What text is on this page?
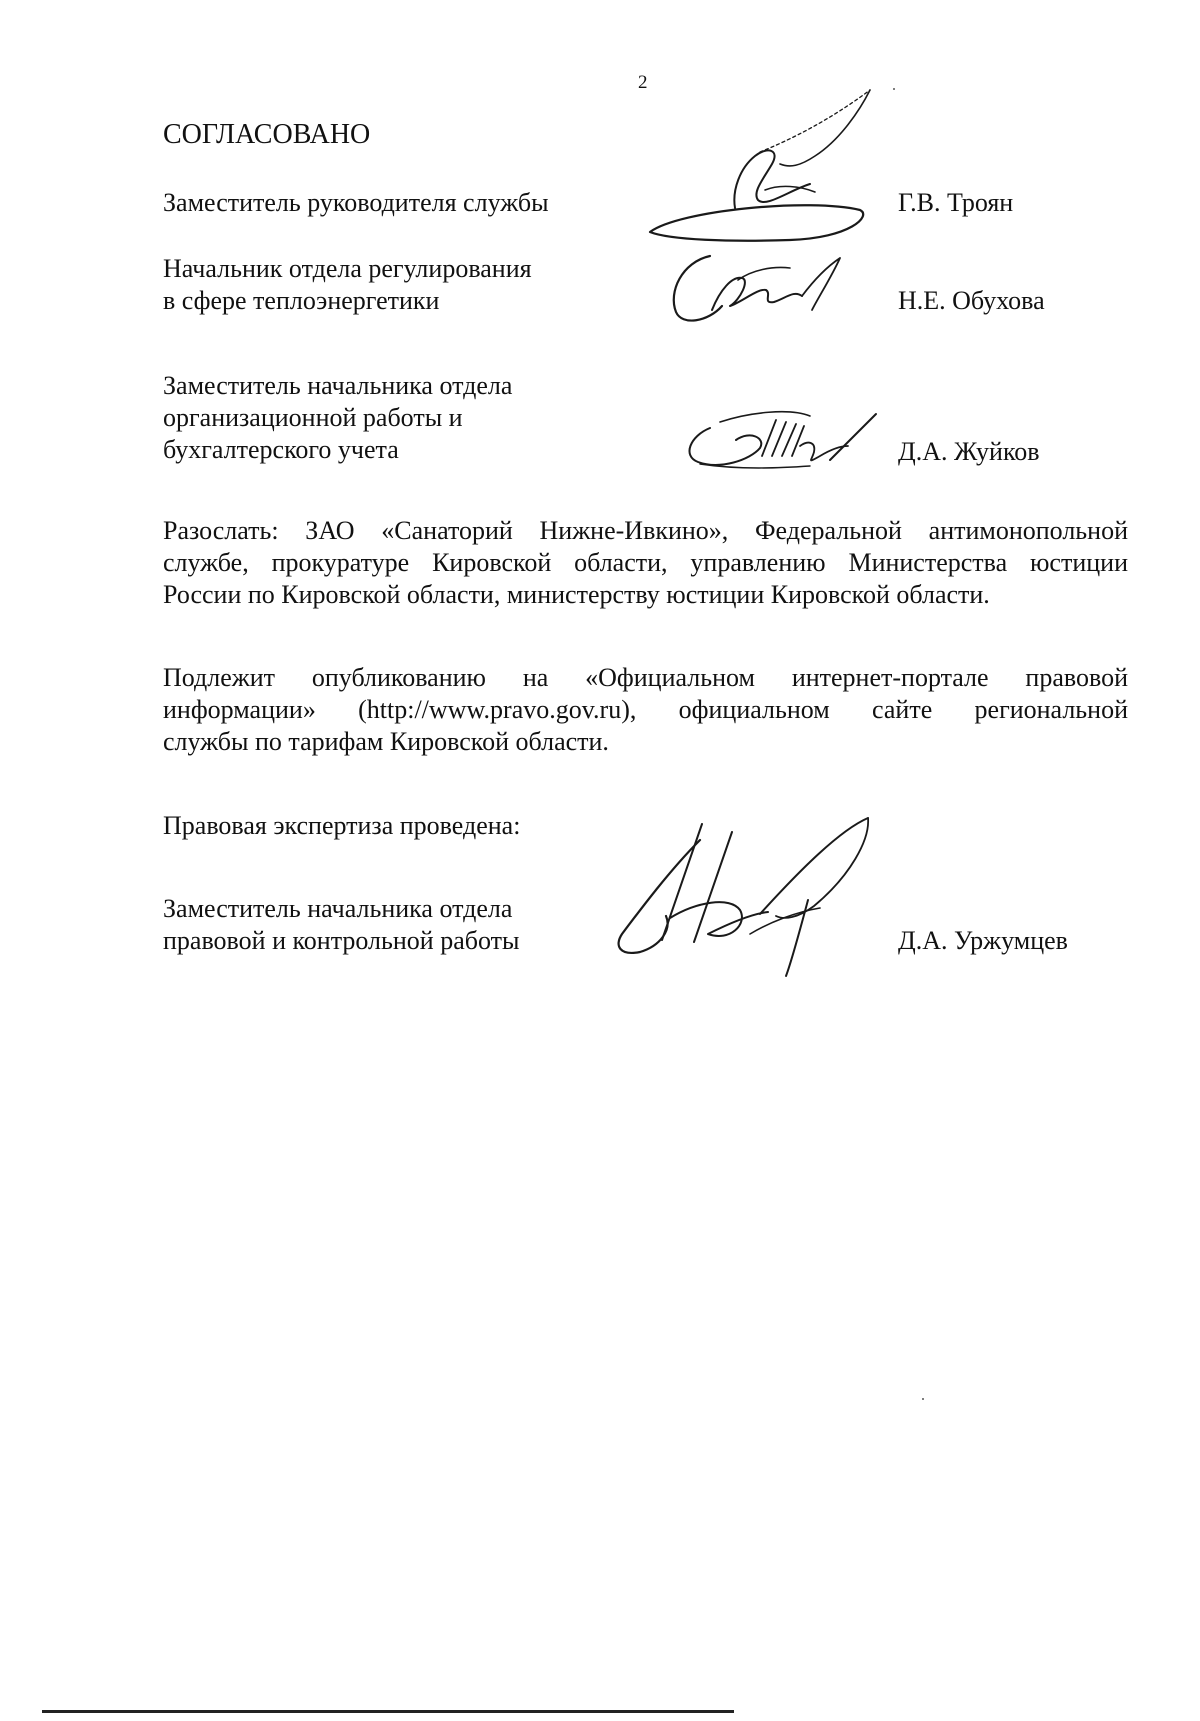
2
СОГЛАСОВАНО
Заместитель руководителя службы	Г.В. Троян
Начальник отдела регулирования
в сфере теплоэнергетики	Н.Е. Обухова
Заместитель начальника отдела
организационной работы и
бухгалтерского учета	Д.А. Жуйков
Разослать: ЗАО «Санаторий Нижне-Ивкино», Федеральной антимонопольной
службе, прокуратуре Кировской области, управлению Министерства юстиции
России по Кировской области, министерству юстиции Кировской области.
Подлежит опубликованию на «Официальном интернет-портале правовой
информации» (http://www.pravo.gov.ru), официальном сайте региональной
службы по тарифам Кировской области.
Правовая экспертиза проведена:
Заместитель начальника отдела
правовой и контрольной работы	Д.А. Уржумцев
